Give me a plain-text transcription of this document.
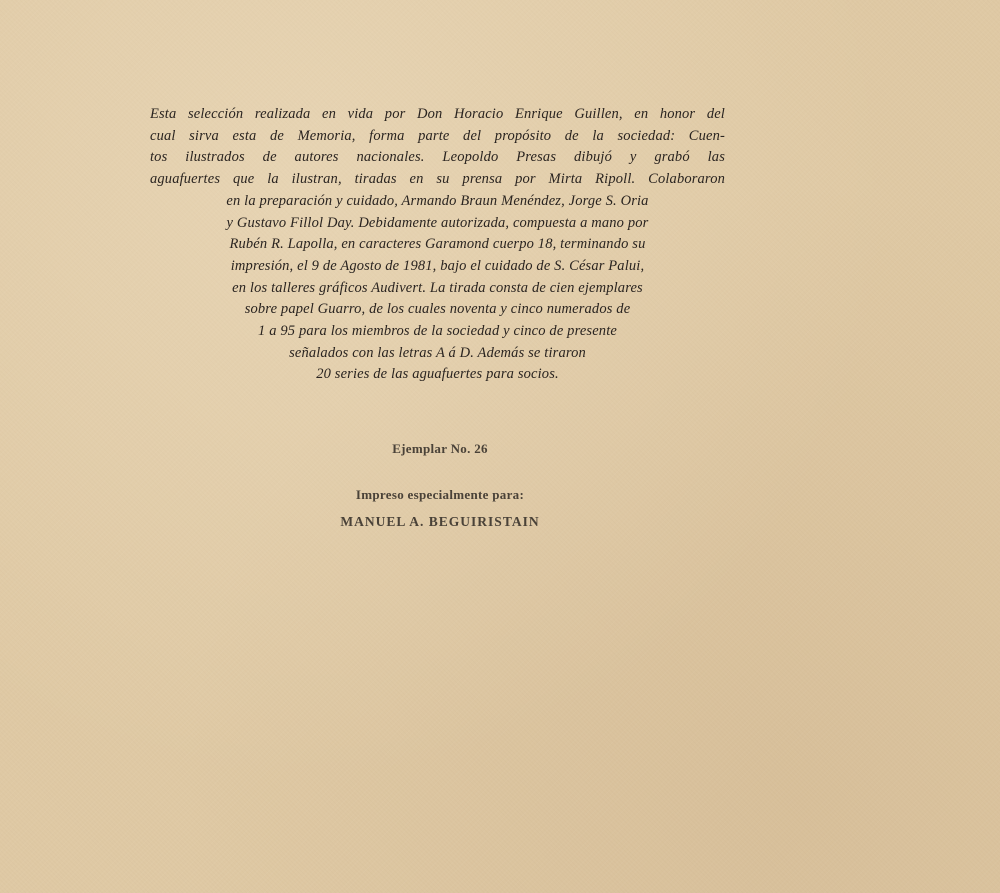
Esta selección realizada en vida por Don Horacio Enrique Guillen, en honor del
cual sirva esta de Memoria, forma parte del propósito de la sociedad: Cuen-
tos ilustrados de autores nacionales. Leopoldo Presas dibujó y grabó las
aguafuertes que la ilustran, tiradas en su prensa por Mirta Ripoll. Colaboraron
en la preparación y cuidado, Armando Braun Menéndez, Jorge S. Oria
y Gustavo Fillol Day. Debidamente autorizada, compuesta a mano por
Rubén R. Lapolla, en caracteres Garamond cuerpo 18, terminando su
impresión, el 9 de Agosto de 1981, bajo el cuidado de S. César Palui,
en los talleres gráficos Audivert. La tirada consta de cien ejemplares
sobre papel Guarro, de los cuales noventa y cinco numerados de
1 a 95 para los miembros de la sociedad y cinco de presente
señalados con las letras A á D. Además se tiraron
20 series de las aguafuertes para socios.
Ejemplar No. 26
Impreso especialmente para:
MANUEL A. BEGUIRISTAIN
